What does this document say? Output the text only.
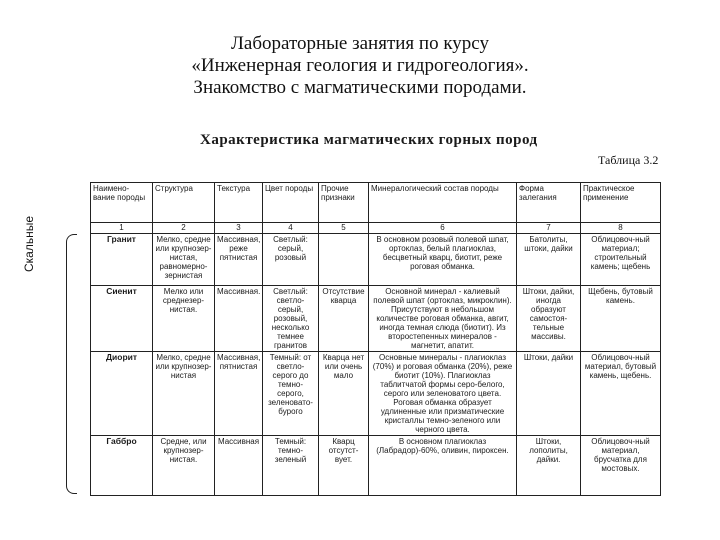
Лабораторные занятия по курсу
«Инженерная геология и гидрогеология».
Знакомство с магматическими породами.
Характеристика магматических горных пород
Таблица 3.2
Скальные
Наимено-вание породы	Структура	Текстура	Цвет породы	Прочие признаки	Минералогический состав породы	Форма залегания	Практическое применение
1	2	3	4	5	6	7	8
Гранит	Мелко, средне или крупнозер-нистая, равномерно-зернистая	Массивная, реже пятнистая	Светлый: серый, розовый		В основном розовый полевой шпат, ортоклаз, белый плагиоклаз, бесцветный кварц, биотит, реже роговая обманка.	Батолиты, штоки, дайки	Облицовоч-ный материал; строительный камень; щебень
Сиенит	Мелко или среднезер-нистая.	Массивная.	Светлый: светло-серый, розовый, несколько темнее гранитов	Отсутствие кварца	Основной минерал - калиевый полевой шпат (ортоклаз, микроклин). Присутствуют в небольшом количестве роговая обманка, авгит, иногда темная слюда (биотит). Из второстепенных минералов - магнетит, апатит.	Штоки, дайки, иногда образуют самостоя-тельные массивы.	Щебень, бутовый камень.
Диорит	Мелко, средне или крупнозер-нистая	Массивная, пятнистая	Темный: от светло-серого до темно-серого, зеленовато-бурого	Кварца нет или очень мало	Основные минералы - плагиоклаз (70%) и роговая обманка (20%), реже биотит (10%). Плагиоклаз таблитчатой формы серо-белого, серого или зеленоватого цвета. Роговая обманка образует удлиненные или призматические кристаллы темно-зеленого или черного цвета.	Штоки, дайки	Облицовоч-ный материал, бутовый камень, щебень.
Габбро	Средне, или крупнозер-нистая.	Массивная	Темный: темно-зеленый	Кварц отсутст-вует.	В основном плагиоклаз (Лабрадор)-60%, оливин, пироксен.	Штоки, лополиты, дайки.	Облицовоч-ный материал, брусчатка для мостовых.
